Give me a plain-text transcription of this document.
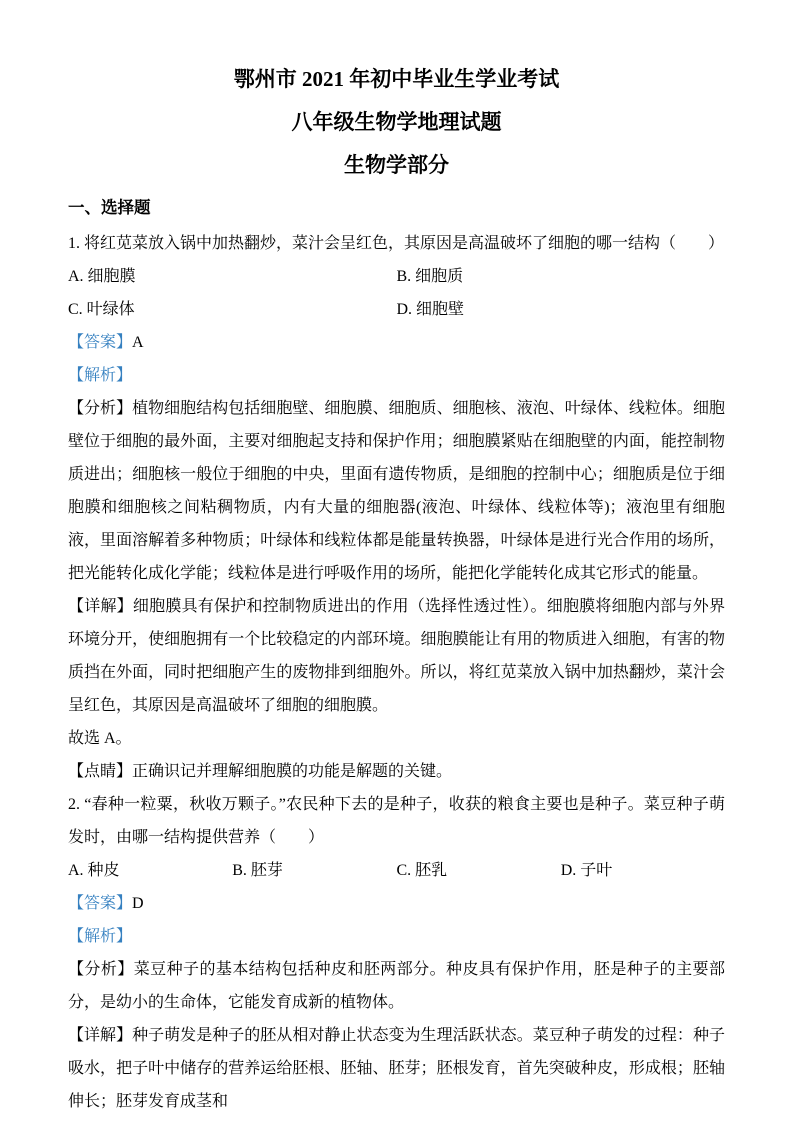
鄂州市 2021 年初中毕业生学业考试
八年级生物学地理试题
生物学部分
一、选择题

1. 将红苋菜放入锅中加热翻炒，菜汁会呈红色，其原因是高温破坏了细胞的哪一结构（　　）

A. 细胞膜	B. 细胞质
C. 叶绿体	D. 细胞壁

【答案】A

【解析】

【分析】植物细胞结构包括细胞壁、细胞膜、细胞质、细胞核、液泡、叶绿体、线粒体。细胞壁位于细胞的最外面，主要对细胞起支持和保护作用；细胞膜紧贴在细胞壁的内面，能控制物质进出；细胞核一般位于细胞的中央，里面有遗传物质，是细胞的控制中心；细胞质是位于细胞膜和细胞核之间粘稠物质，内有大量的细胞器(液泡、叶绿体、线粒体等)；液泡里有细胞液，里面溶解着多种物质；叶绿体和线粒体都是能量转换器，叶绿体是进行光合作用的场所，把光能转化成化学能；线粒体是进行呼吸作用的场所，能把化学能转化成其它形式的能量。

【详解】细胞膜具有保护和控制物质进出的作用（选择性透过性）。细胞膜将细胞内部与外界环境分开，使细胞拥有一个比较稳定的内部环境。细胞膜能让有用的物质进入细胞，有害的物质挡在外面，同时把细胞产生的废物排到细胞外。所以，将红苋菜放入锅中加热翻炒，菜汁会呈红色，其原因是高温破坏了细胞的细胞膜。

故选 A。

【点睛】正确识记并理解细胞膜的功能是解题的关键。

2. “春种一粒粟，秋收万颗子。”农民种下去的是种子，收获的粮食主要也是种子。菜豆种子萌发时，由哪一结构提供营养（　　）

A. 种皮	B. 胚芽	C. 胚乳	D. 子叶

【答案】D

【解析】

【分析】菜豆种子的基本结构包括种皮和胚两部分。种皮具有保护作用，胚是种子的主要部分，是幼小的生命体，它能发育成新的植物体。

【详解】种子萌发是种子的胚从相对静止状态变为生理活跃状态。菜豆种子萌发的过程：种子吸水，把子叶中储存的营养运给胚根、胚轴、胚芽；胚根发育，首先突破种皮，形成根；胚轴伸长；胚芽发育成茎和
